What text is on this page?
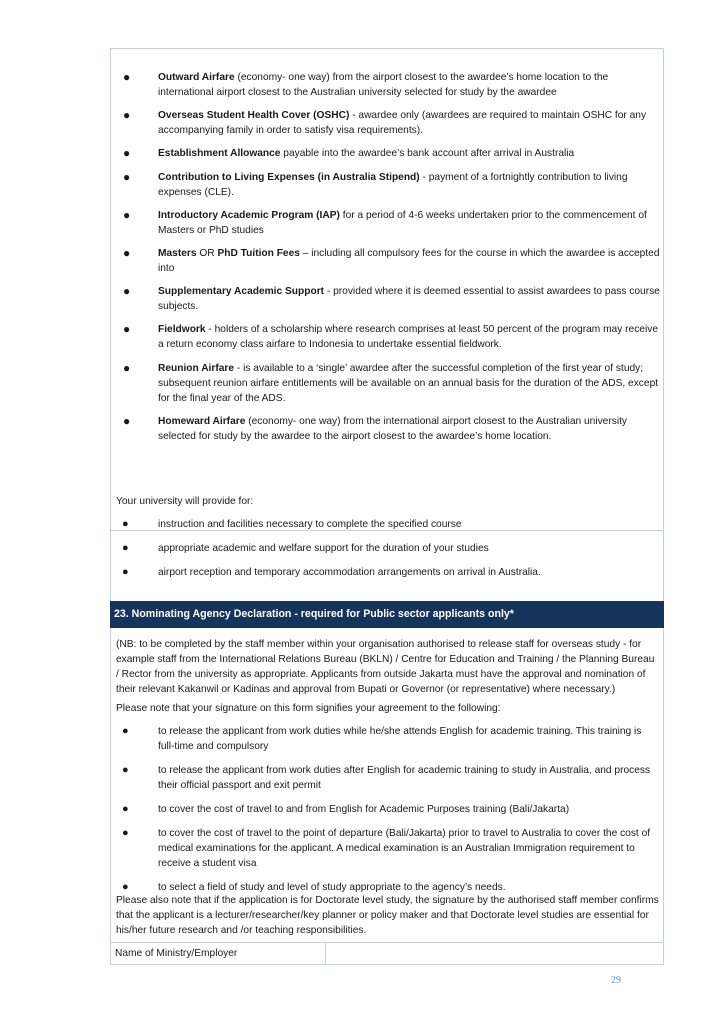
●	Outward Airfare (economy- one way) from the airport closest to the awardee’s home location to the international airport closest to the Australian university selected for study by the awardee
●	Overseas Student Health Cover (OSHC) - awardee only (awardees are required to maintain OSHC for any accompanying family in order to satisfy visa requirements).
●	Establishment Allowance payable into the awardee’s bank account after arrival in Australia
●	Contribution to Living Expenses (in Australia Stipend) - payment of a fortnightly contribution to living expenses (CLE).
●	Introductory Academic Program (IAP) for a period of 4-6 weeks undertaken prior to the commencement of Masters or PhD studies
●	Masters OR PhD Tuition Fees – including all compulsory fees for the course in which the awardee is accepted into
●	Supplementary Academic Support - provided where it is deemed essential to assist awardees to pass course subjects.
●	Fieldwork - holders of a scholarship where research comprises at least 50 percent of the program may receive a return economy class airfare to Indonesia to undertake essential fieldwork.
●	Reunion Airfare - is available to a ‘single’ awardee after the successful completion of the first year of study; subsequent reunion airfare entitlements will be available on an annual basis for the duration of the ADS, except for the final year of the ADS.
●	Homeward Airfare (economy- one way) from the international airport closest to the Australian university selected for study by the awardee to the airport closest to the awardee’s home location.
Your university will provide for:
●	instruction and facilities necessary to complete the specified course
●	appropriate academic and welfare support for the duration of your studies
●	airport reception and temporary accommodation arrangements on arrival in Australia.
23. Nominating Agency Declaration - required for Public sector applicants only*
(NB: to be completed by the staff member within your organisation authorised to release staff for overseas study - for example staff from the International Relations Bureau (BKLN) / Centre for Education and Training / the Planning Bureau / Rector from the university as appropriate. Applicants from outside Jakarta must have the approval and nomination of their relevant Kakanwil or Kadinas and approval from Bupati or Governor (or representative) where necessary.)
Please note that your signature on this form signifies your agreement to the following:
●	to release the applicant from work duties while he/she attends English for academic training. This training is full-time and compulsory
●	to release the applicant from work duties after English for academic training to study in Australia, and process their official passport and exit permit
●	to cover the cost of travel to and from English for Academic Purposes training (Bali/Jakarta)
●	to cover the cost of travel to the point of departure (Bali/Jakarta) prior to travel to Australia to cover the cost of medical examinations for the applicant. A medical examination is an Australian Immigration requirement to receive a student visa
●	to select a field of study and level of study appropriate to the agency’s needs.
Please also note that if the application is for Doctorate level study, the signature by the authorised staff member confirms that the applicant is a lecturer/researcher/key planner or policy maker and that Doctorate level studies are essential for his/her future research and /or teaching responsibilities.
Name of Ministry/Employer
29
